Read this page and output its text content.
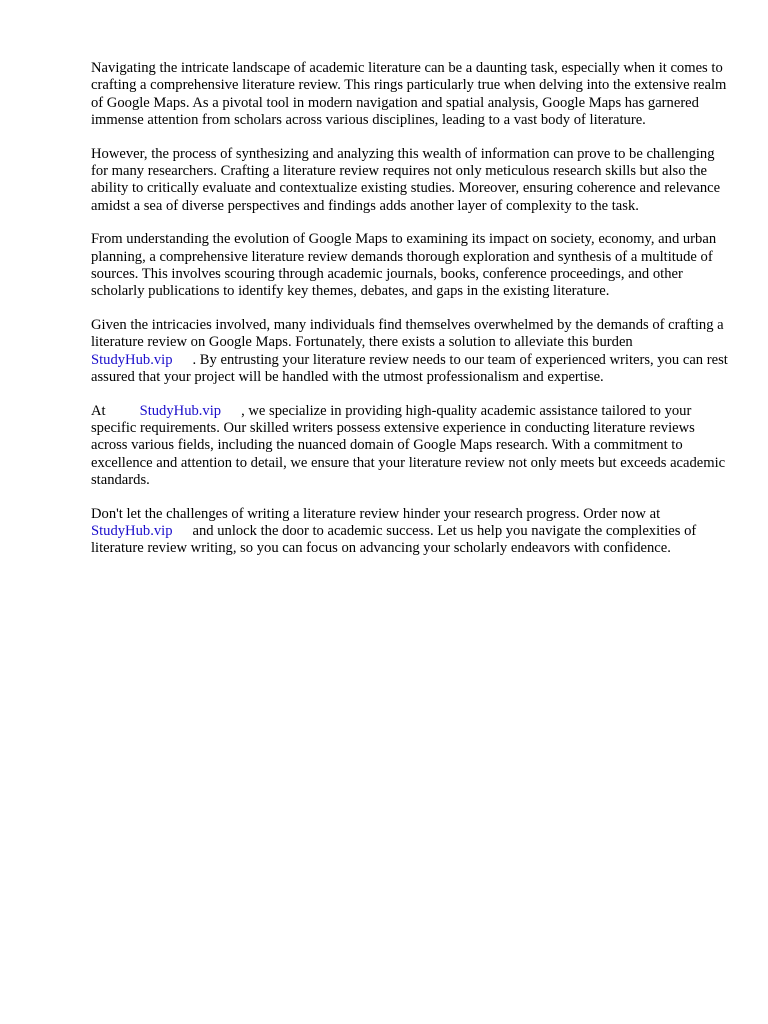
Navigating the intricate landscape of academic literature can be a daunting task, especially when it comes to crafting a comprehensive literature review. This rings particularly true when delving into the extensive realm of Google Maps. As a pivotal tool in modern navigation and spatial analysis, Google Maps has garnered immense attention from scholars across various disciplines, leading to a vast body of literature.

However, the process of synthesizing and analyzing this wealth of information can prove to be challenging for many researchers. Crafting a literature review requires not only meticulous research skills but also the ability to critically evaluate and contextualize existing studies. Moreover, ensuring coherence and relevance amidst a sea of diverse perspectives and findings adds another layer of complexity to the task.

From understanding the evolution of Google Maps to examining its impact on society, economy, and urban planning, a comprehensive literature review demands thorough exploration and synthesis of a multitude of sources. This involves scouring through academic journals, books, conference proceedings, and other scholarly publications to identify key themes, debates, and gaps in the existing literature.

Given the intricacies involved, many individuals find themselves overwhelmed by the demands of crafting a literature review on Google Maps. Fortunately, there exists a solution to alleviate this burdenStudyHub.vip . By entrusting your literature review needs to our team of experienced writers, you can rest assured that your project will be handled with the utmost professionalism and expertise.

At StudyHub.vip , we specialize in providing high-quality academic assistance tailored to your specific requirements. Our skilled writers possess extensive experience in conducting literature reviews across various fields, including the nuanced domain of Google Maps research. With a commitment to excellence and attention to detail, we ensure that your literature review not only meets but exceeds academic standards.

Don't let the challenges of writing a literature review hinder your research progress. Order now at StudyHub.vip and unlock the door to academic success. Let us help you navigate the complexities of literature review writing, so you can focus on advancing your scholarly endeavors with confidence.
